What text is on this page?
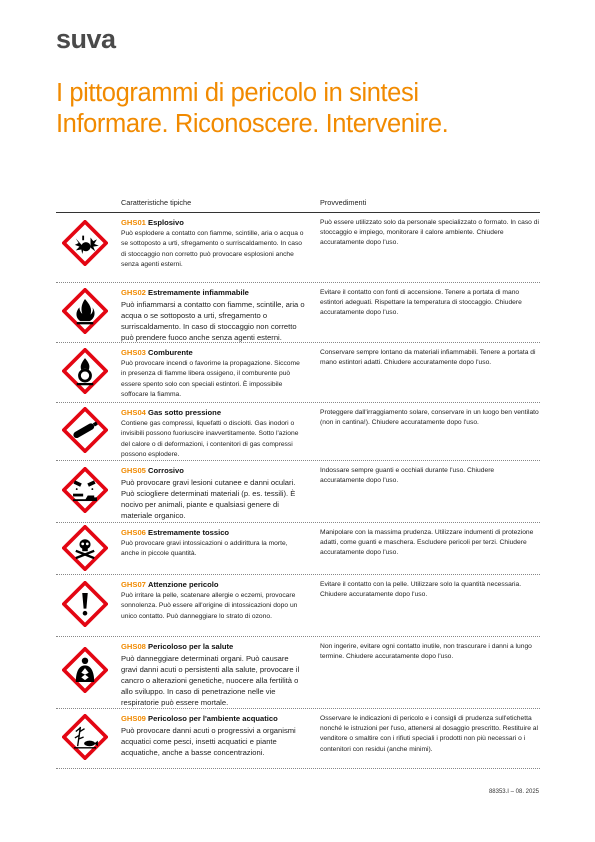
suva
I pittogrammi di pericolo in sintesi
Informare. Riconoscere. Intervenire.
Caratteristiche tipiche	Provvedimenti
GHS01 Esplosivo
Può esplodere a contatto con fiamme, scintille, aria o acqua o se sottoposto a urti, sfregamento o surriscaldamento. In caso di stoccaggio non corretto può provocare esplosioni anche senza agenti esterni.
Può essere utilizzato solo da personale specializzato o formato. In caso di stoccaggio e impiego, monitorare il calore ambiente. Chiudere accuratamente dopo l'uso.
GHS02 Estremamente infiammabile
Può infiammarsi a contatto con fiamme, scintille, aria o acqua o se sottoposto a urti, sfregamento o surriscaldamento. In caso di stoccaggio non corretto può prendere fuoco anche senza agenti esterni.
Evitare il contatto con fonti di accensione. Tenere a portata di mano estintori adeguati. Rispettare la temperatura di stoccaggio. Chiudere accuratamente dopo l'uso.
GHS03 Comburente
Può provocare incendi o favorirne la propagazione. Siccome in presenza di fiamme libera ossigeno, il comburente può essere spento solo con speciali estintori. È impossibile soffocare la fiamma.
Conservare sempre lontano da materiali infiammabili. Tenere a portata di mano estintori adatti. Chiudere accuratamente dopo l'uso.
GHS04 Gas sotto pressione
Contiene gas compressi, liquefatti o disciolti. Gas inodori o invisibili possono fuoriuscire inavvertitamente. Sotto l'azione del calore o di deformazioni, i contenitori di gas compressi possono esplodere.
Proteggere dall'irraggiamento solare, conservare in un luogo ben ventilato (non in cantina!). Chiudere accuratamente dopo l'uso.
GHS05 Corrosivo
Può provocare gravi lesioni cutanee e danni oculari. Può sciogliere determinati materiali (p. es. tessili). È nocivo per animali, piante e qualsiasi genere di materiale organico.
Indossare sempre guanti e occhiali durante l'uso. Chiudere accuratamente dopo l'uso.
GHS06 Estremamente tossico
Può provocare gravi intossicazioni o addirittura la morte, anche in piccole quantità.
Manipolare con la massima prudenza. Utilizzare indumenti di protezione adatti, come guanti e maschera. Escludere pericoli per terzi. Chiudere accuratamente dopo l'uso.
GHS07 Attenzione pericolo
Può irritare la pelle, scatenare allergie o eczemi, provocare sonnolenza. Può essere all'origine di intossicazioni dopo un unico contatto. Può danneggiare lo strato di ozono.
Evitare il contatto con la pelle. Utilizzare solo la quantità necessaria. Chiudere accuratamente dopo l'uso.
GHS08 Pericoloso per la salute
Può danneggiare determinati organi. Può causare gravi danni acuti o persistenti alla salute, provocare il cancro o alterazioni genetiche, nuocere alla fertilità o allo sviluppo. In caso di penetrazione nelle vie respiratorie può essere mortale.
Non ingerire, evitare ogni contatto inutile, non trascurare i danni a lungo termine. Chiudere accuratamente dopo l'uso.
GHS09 Pericoloso per l'ambiente acquatico
Può provocare danni acuti o progressivi a organismi acquatici come pesci, insetti acquatici e piante acquatiche, anche a basse concentrazioni.
Osservare le indicazioni di pericolo e i consigli di prudenza sull'etichetta nonché le istruzioni per l'uso, attenersi al dosaggio prescritto. Restituire al venditore o smaltire con i rifiuti speciali i prodotti non più necessari o i contenitori con residui (anche minimi).
88353.I – 08. 2025
